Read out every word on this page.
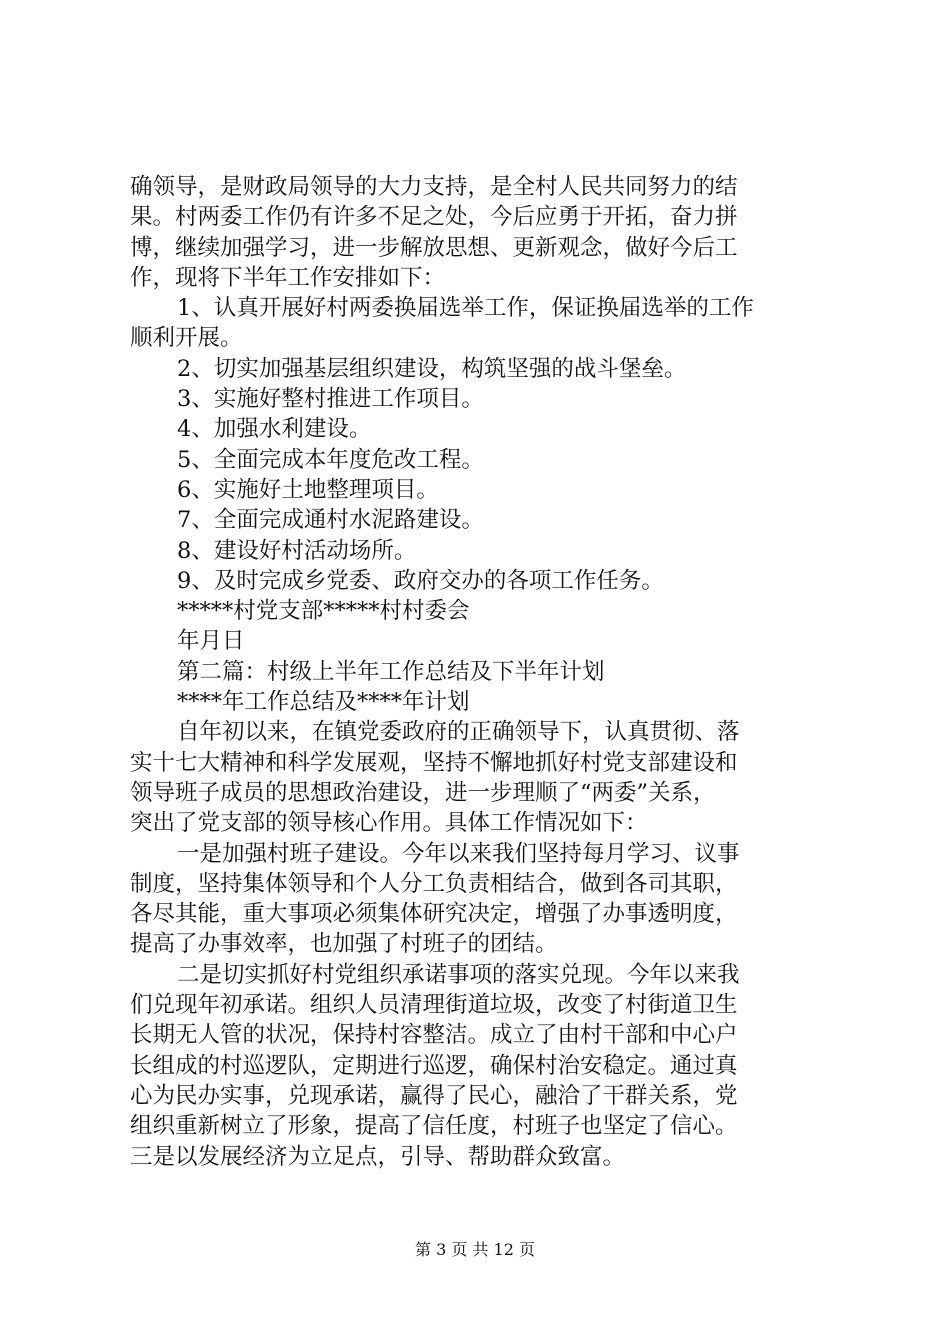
确领导，是财政局领导的大力支持，是全村人民共同努力的结
果。村两委工作仍有许多不足之处，今后应勇于开拓，奋力拼
博，继续加强学习，进一步解放思想、更新观念，做好今后工
作，现将下半年工作安排如下：
1、认真开展好村两委换届选举工作，保证换届选举的工作
顺利开展。
2、切实加强基层组织建设，构筑坚强的战斗堡垒。
3、实施好整村推进工作项目。
4、加强水利建设。
5、全面完成本年度危改工程。
6、实施好土地整理项目。
7、全面完成通村水泥路建设。
8、建设好村活动场所。
9、及时完成乡党委、政府交办的各项工作任务。
*****村党支部*****村村委会
年月日
第二篇：村级上半年工作总结及下半年计划
****年工作总结及****年计划
自年初以来，在镇党委政府的正确领导下，认真贯彻、落
实十七大精神和科学发展观，坚持不懈地抓好村党支部建设和
领导班子成员的思想政治建设，进一步理顺了“两委”关系，
突出了党支部的领导核心作用。具体工作情况如下：
一是加强村班子建设。今年以来我们坚持每月学习、议事
制度，坚持集体领导和个人分工负责相结合，做到各司其职，
各尽其能，重大事项必须集体研究决定，增强了办事透明度，
提高了办事效率，也加强了村班子的团结。
二是切实抓好村党组织承诺事项的落实兑现。今年以来我
们兑现年初承诺。组织人员清理街道垃圾，改变了村街道卫生
长期无人管的状况，保持村容整洁。成立了由村干部和中心户
长组成的村巡逻队，定期进行巡逻，确保村治安稳定。通过真
心为民办实事，兑现承诺，赢得了民心，融洽了干群关系，党
组织重新树立了形象，提高了信任度，村班子也坚定了信心。
三是以发展经济为立足点，引导、帮助群众致富。
第 3 页 共 12 页
